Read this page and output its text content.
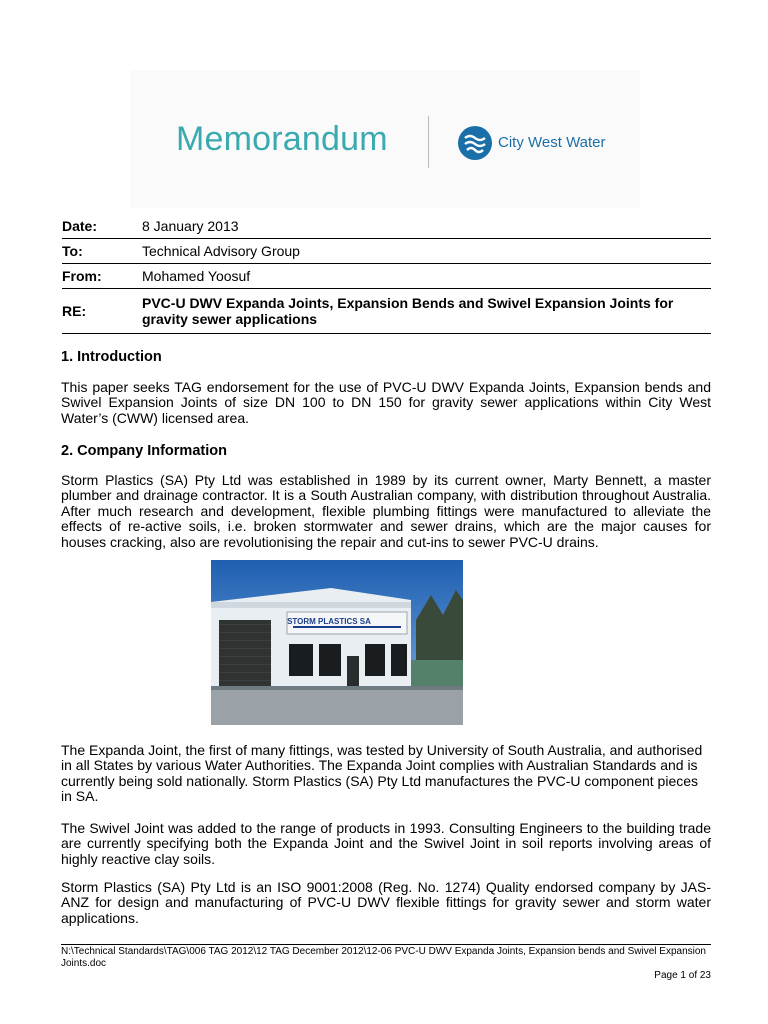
Memorandum	City West Water
Date:	8 January 2013
To:	Technical Advisory Group
From:	Mohamed Yoosuf
RE:	PVC-U DWV Expanda Joints, Expansion Bends and Swivel Expansion Joints for gravity sewer applications
1. Introduction
This paper seeks TAG endorsement for the use of PVC-U DWV Expanda Joints, Expansion bends and Swivel Expansion Joints of size DN 100 to DN 150 for gravity sewer applications within City West Water’s (CWW) licensed area.
2. Company Information
Storm Plastics (SA) Pty Ltd was established in 1989 by its current owner, Marty Bennett, a master plumber and drainage contractor. It is a South Australian company, with distribution throughout Australia. After much research and development, flexible plumbing fittings were manufactured to alleviate the effects of re-active soils, i.e. broken stormwater and sewer drains, which are the major causes for houses cracking, also are revolutionising the repair and cut-ins to sewer PVC-U drains.
STORM PLASTICS SA
The Expanda Joint, the first of many fittings, was tested by University of South Australia, and authorised in all States by various Water Authorities. The Expanda Joint complies with Australian Standards and is currently being sold nationally. Storm Plastics (SA) Pty Ltd manufactures the PVC-U component pieces in SA.
The Swivel Joint was added to the range of products in 1993. Consulting Engineers to the building trade are currently specifying both the Expanda Joint and the Swivel Joint in soil reports involving areas of highly reactive clay soils.
Storm Plastics (SA) Pty Ltd is an ISO 9001:2008 (Reg. No. 1274) Quality endorsed company by JAS-ANZ for design and manufacturing of PVC-U DWV flexible fittings for gravity sewer and storm water applications.
N:\Technical Standards\TAG\006 TAG 2012\12 TAG December 2012\12-06 PVC-U DWV Expanda Joints, Expansion bends and Swivel Expansion Joints.doc
Page 1 of 23
